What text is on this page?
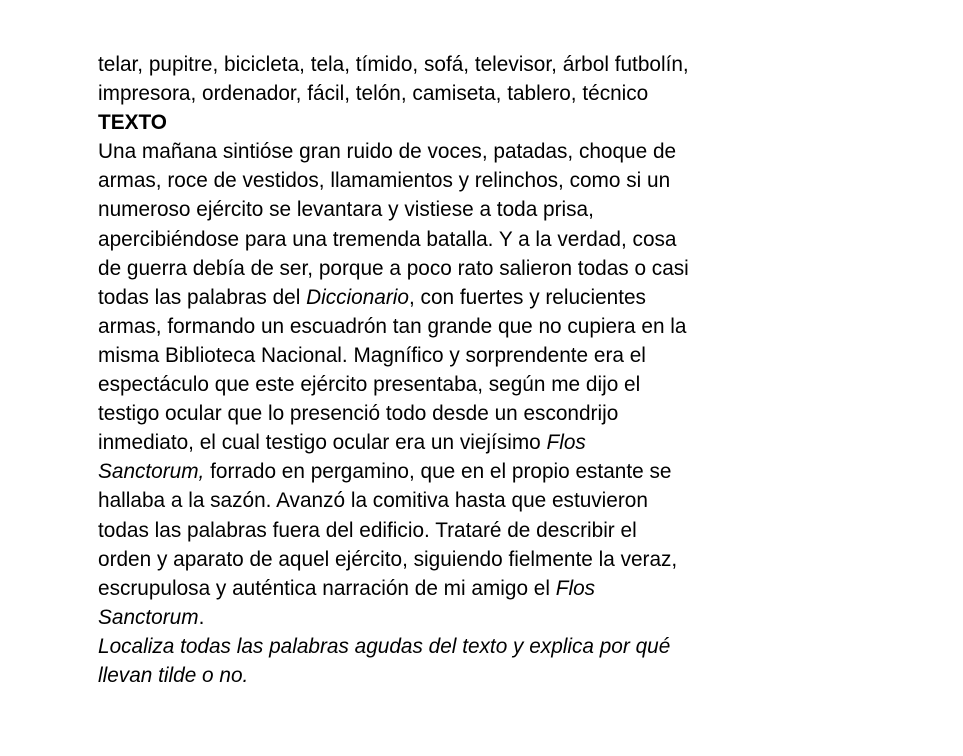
telar, pupitre, bicicleta, tela, tímido, sofá, televisor, árbol futbolín,
impresora, ordenador, fácil, telón, camiseta, tablero, técnico
TEXTO
Una mañana sintióse gran ruido de voces, patadas, choque de
armas, roce de vestidos, llamamientos y relinchos, como si un
numeroso ejército se levantara y vistiese a toda prisa,
apercibiéndose para una tremenda batalla. Y a la verdad, cosa
de guerra debía de ser, porque a poco rato salieron todas o casi
todas las palabras del Diccionario, con fuertes y relucientes
armas, formando un escuadrón tan grande que no cupiera en la
misma Biblioteca Nacional. Magnífico y sorprendente era el
espectáculo que este ejército presentaba, según me dijo el
testigo ocular que lo presenció todo desde un escondrijo
inmediato, el cual testigo ocular era un viejísimo Flos
Sanctorum, forrado en pergamino, que en el propio estante se
hallaba a la sazón. Avanzó la comitiva hasta que estuvieron
todas las palabras fuera del edificio. Trataré de describir el
orden y aparato de aquel ejército, siguiendo fielmente la veraz,
escrupulosa y auténtica narración de mi amigo el Flos
Sanctorum.
Localiza todas las palabras agudas del texto y explica por qué
llevan tilde o no.
